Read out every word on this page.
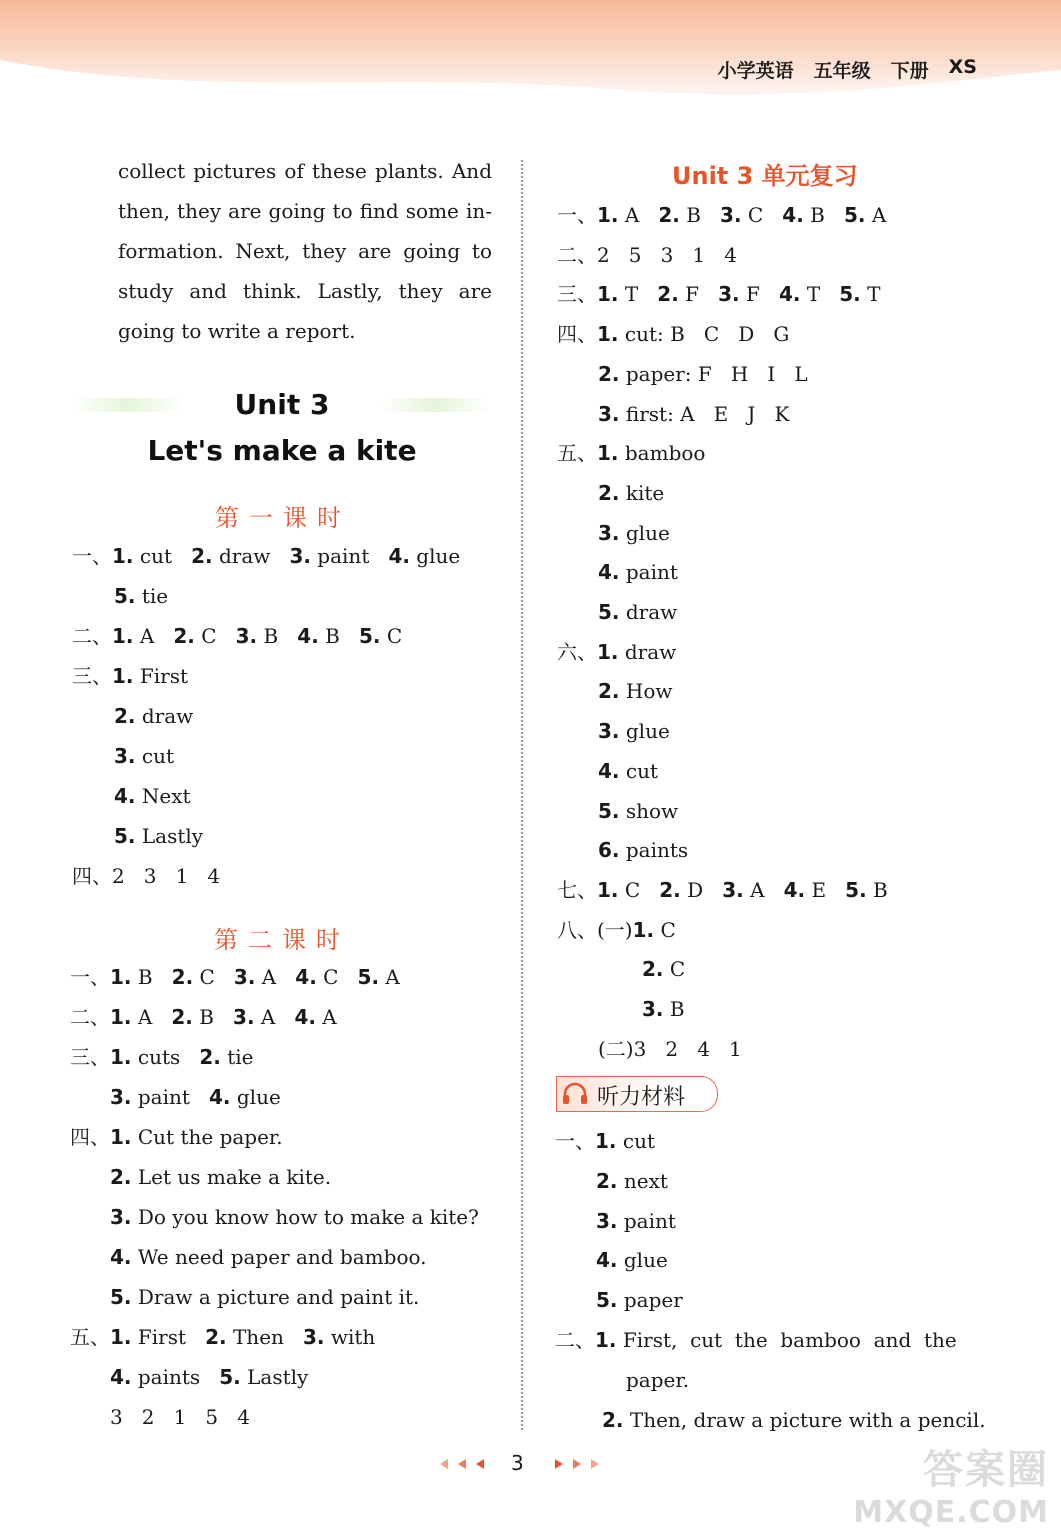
小学英语 五年级 下册 XS
collect pictures of these plants. And
then, they are going to find some in-
formation. Next, they are going to
study and think. Lastly, they are
going to write a report.
Unit 3
Let's make a kite
第一课时
一、1. cut   2. draw   3. paint   4. glue
5. tie
二、1. A   2. C   3. B   4. B   5. C
三、1. First
2. draw
3. cut
4. Next
5. Lastly
四、2   3   1   4
第二课时
一、1. B   2. C   3. A   4. C   5. A
二、1. A   2. B   3. A   4. A
三、1. cuts   2. tie
3. paint   4. glue
四、1. Cut the paper.
2. Let us make a kite.
3. Do you know how to make a kite?
4. We need paper and bamboo.
5. Draw a picture and paint it.
五、1. First   2. Then   3. with
4. paints   5. Lastly
3   2   1   5   4
Unit 3 单元复习
一、1. A   2. B   3. C   4. B   5. A
二、2   5   3   1   4
三、1. T   2. F   3. F   4. T   5. T
四、1. cut: B   C   D   G
2. paper: F   H   I   L
3. first: A   E   J   K
五、1. bamboo
2. kite
3. glue
4. paint
5. draw
六、1. draw
2. How
3. glue
4. cut
5. show
6. paints
七、1. C   2. D   3. A   4. E   5. B
八、(一)1. C
2. C
3. B
(二)3   2   4   1
听力材料
一、1. cut
2. next
3. paint
4. glue
5. paper
二、1. First,  cut  the  bamboo  and  the
paper.
2. Then, draw a picture with a pencil.
3	答案圈
MXQE.COM
